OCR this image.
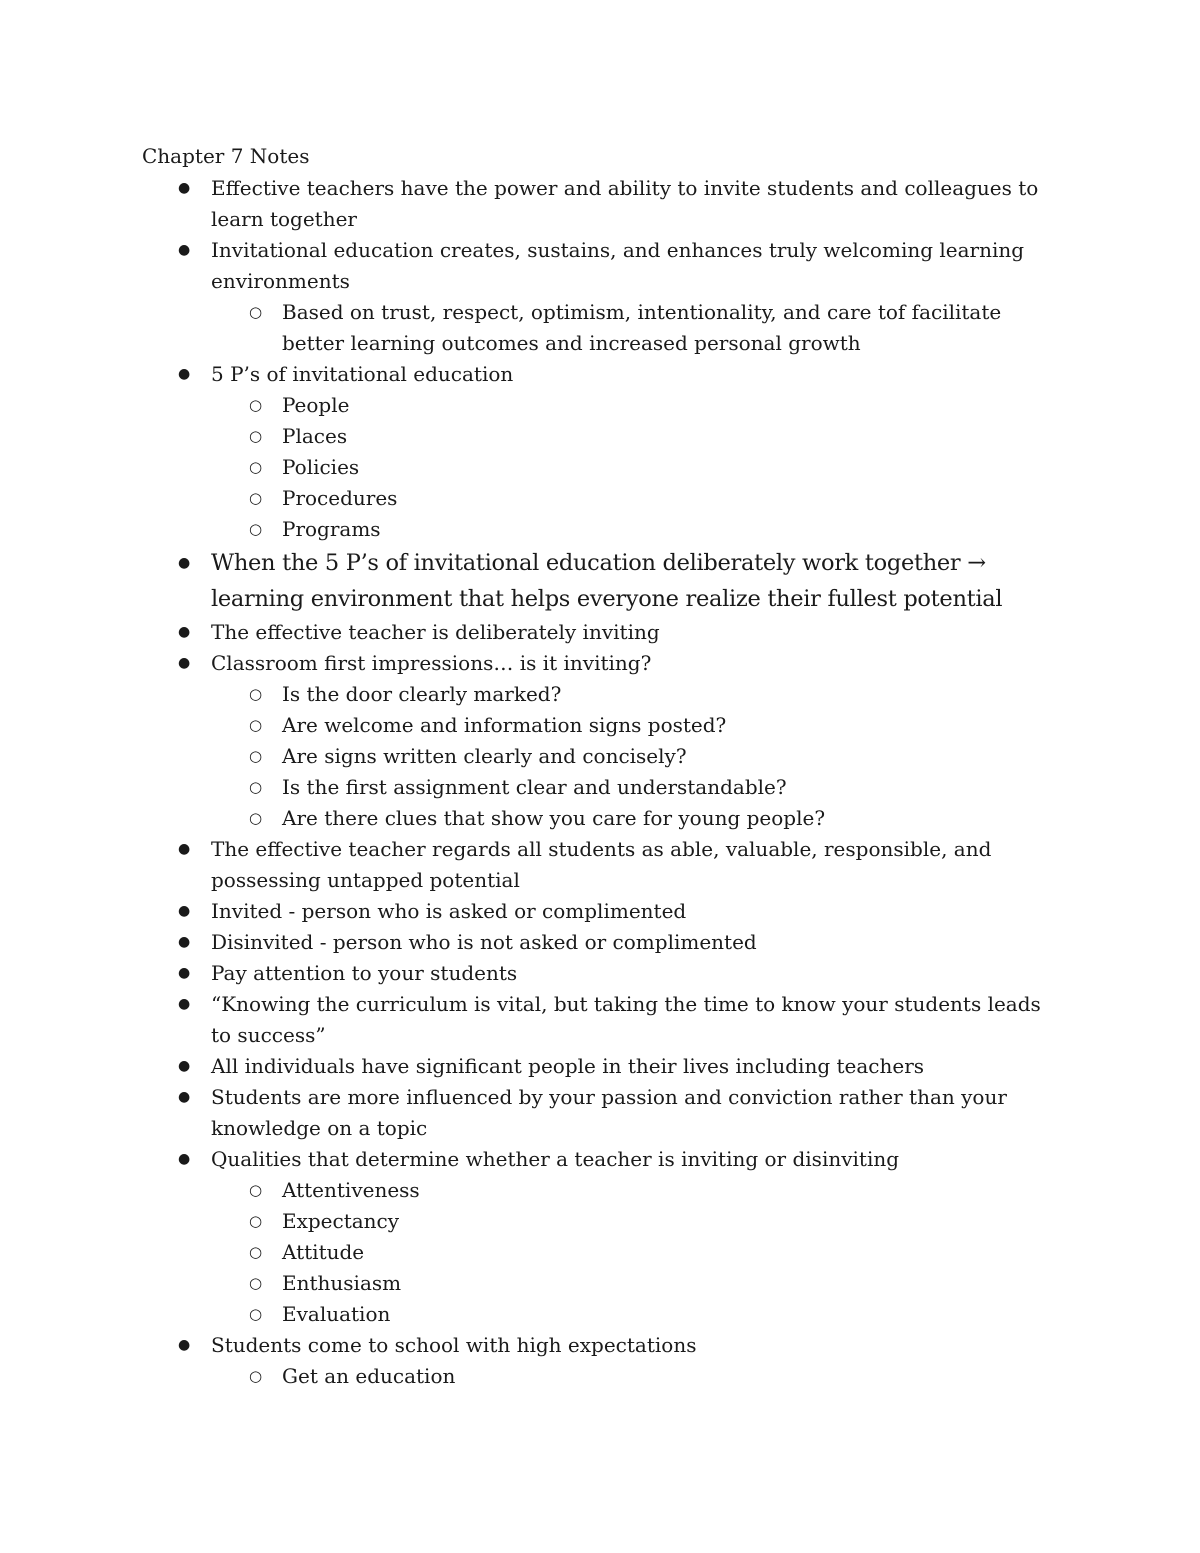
Chapter 7 Notes
● Effective teachers have the power and ability to invite students and colleagues to learn together
● Invitational education creates, sustains, and enhances truly welcoming learning environments
○ Based on trust, respect, optimism, intentionality, and care tof facilitate better learning outcomes and increased personal growth
● 5 P’s of invitational education
○ People
○ Places
○ Policies
○ Procedures
○ Programs
● When the 5 P’s of invitational education deliberately work together → learning environment that helps everyone realize their fullest potential
● The effective teacher is deliberately inviting
● Classroom first impressions… is it inviting?
○ Is the door clearly marked?
○ Are welcome and information signs posted?
○ Are signs written clearly and concisely?
○ Is the first assignment clear and understandable?
○ Are there clues that show you care for young people?
● The effective teacher regards all students as able, valuable, responsible, and possessing untapped potential
● Invited - person who is asked or complimented
● Disinvited - person who is not asked or complimented
● Pay attention to your students
● “Knowing the curriculum is vital, but taking the time to know your students leads to success”
● All individuals have significant people in their lives including teachers
● Students are more influenced by your passion and conviction rather than your knowledge on a topic
● Qualities that determine whether a teacher is inviting or disinviting
○ Attentiveness
○ Expectancy
○ Attitude
○ Enthusiasm
○ Evaluation
● Students come to school with high expectations
○ Get an education
